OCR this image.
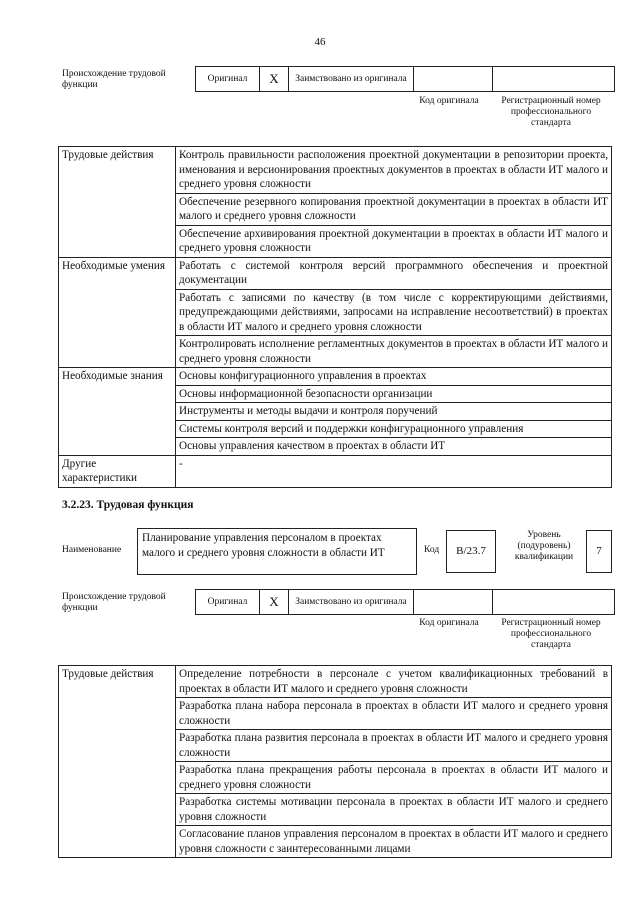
46
Происхождение трудовой функции
Оригинал	X	Заимствовано из оригинала		
Код оригинала	Регистрационный номер профессионального стандарта
Трудовые действия	Контроль правильности расположения проектной документации в репозитории проекта, именования и версионирования проектных документов в проектах в области ИТ малого и среднего уровня сложности
	Обеспечение резервного копирования проектной документации в проектах в области ИТ малого и среднего уровня сложности
	Обеспечение архивирования проектной документации в проектах в области ИТ малого и среднего уровня сложности
Необходимые умения	Работать с системой контроля версий программного обеспечения и проектной документации
	Работать с записями по качеству (в том числе с корректирующими действиями, предупреждающими действиями, запросами на исправление несоответствий) в проектах в области ИТ малого и среднего уровня сложности
	Контролировать исполнение регламентных документов в проектах в области ИТ малого и среднего уровня сложности
Необходимые знания	Основы конфигурационного управления в проектах
	Основы информационной безопасности организации
	Инструменты и методы выдачи и контроля поручений
	Системы контроля версий и поддержки конфигурационного управления
	Основы управления качеством в проектах в области ИТ
Другие характеристики	-
3.2.23. Трудовая функция
Наименование
Планирование управления персоналом в проектах малого и среднего уровня сложности в области ИТ	Код	B/23.7
Уровень (подуровень) квалификации	7
Происхождение трудовой функции
Оригинал	X	Заимствовано из оригинала		
Код оригинала	Регистрационный номер профессионального стандарта
Трудовые действия	Определение потребности в персонале с учетом квалификационных требований в проектах в области ИТ малого и среднего уровня сложности
Разработка плана набора персонала в проектах в области ИТ малого и среднего уровня сложности
Разработка плана развития персонала в проектах в области ИТ малого и среднего уровня сложности
Разработка плана прекращения работы персонала в проектах в области ИТ малого и среднего уровня сложности
Разработка системы мотивации персонала в проектах в области ИТ малого и среднего уровня сложности
Согласование планов управления персоналом в проектах в области ИТ малого и среднего уровня сложности с заинтересованными лицами
